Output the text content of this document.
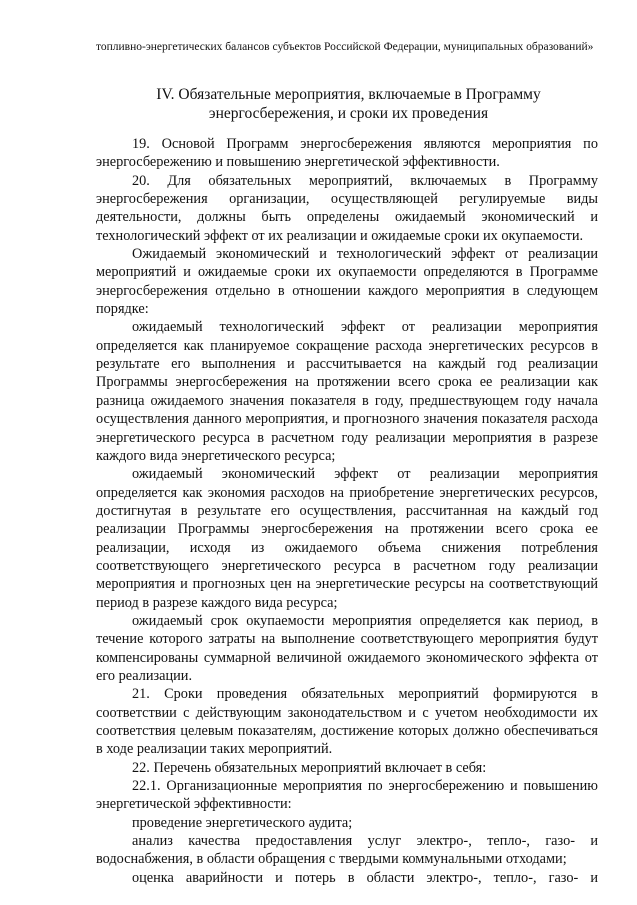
топливно-энергетических балансов субъектов Российской Федерации, муниципальных образований»
IV. Обязательные мероприятия, включаемые в Программу энергосбережения, и сроки их проведения

19. Основой Программ энергосбережения являются мероприятия по энергосбережению и повышению энергетической эффективности.

20. Для обязательных мероприятий, включаемых в Программу энергосбережения организации, осуществляющей регулируемые виды деятельности, должны быть определены ожидаемый экономический и технологический эффект от их реализации и ожидаемые сроки их окупаемости.

Ожидаемый экономический и технологический эффект от реализации мероприятий и ожидаемые сроки их окупаемости определяются в Программе энергосбережения отдельно в отношении каждого мероприятия в следующем порядке:

ожидаемый технологический эффект от реализации мероприятия определяется как планируемое сокращение расхода энергетических ресурсов в результате его выполнения и рассчитывается на каждый год реализации Программы энергосбережения на протяжении всего срока ее реализации как разница ожидаемого значения показателя в году, предшествующем году начала осуществления данного мероприятия, и прогнозного значения показателя расхода энергетического ресурса в расчетном году реализации мероприятия в разрезе каждого вида энергетического ресурса;

ожидаемый экономический эффект от реализации мероприятия определяется как экономия расходов на приобретение энергетических ресурсов, достигнутая в результате его осуществления, рассчитанная на каждый год реализации Программы энергосбережения на протяжении всего срока ее реализации, исходя из ожидаемого объема снижения потребления соответствующего энергетического ресурса в расчетном году реализации мероприятия и прогнозных цен на энергетические ресурсы на соответствующий период в разрезе каждого вида ресурса;

ожидаемый срок окупаемости мероприятия определяется как период, в течение которого затраты на выполнение соответствующего мероприятия будут компенсированы суммарной величиной ожидаемого экономического эффекта от его реализации.

21. Сроки проведения обязательных мероприятий формируются в соответствии с действующим законодательством и с учетом необходимости их соответствия целевым показателям, достижение которых должно обеспечиваться в ходе реализации таких мероприятий.

22. Перечень обязательных мероприятий включает в себя:

22.1. Организационные мероприятия по энергосбережению и повышению энергетической эффективности:

проведение энергетического аудита;

анализ качества предоставления услуг электро-, тепло-, газо- и водоснабжения, в области обращения с твердыми коммунальными отходами;

оценка аварийности и потерь в области электро-, тепло-, газо- и
